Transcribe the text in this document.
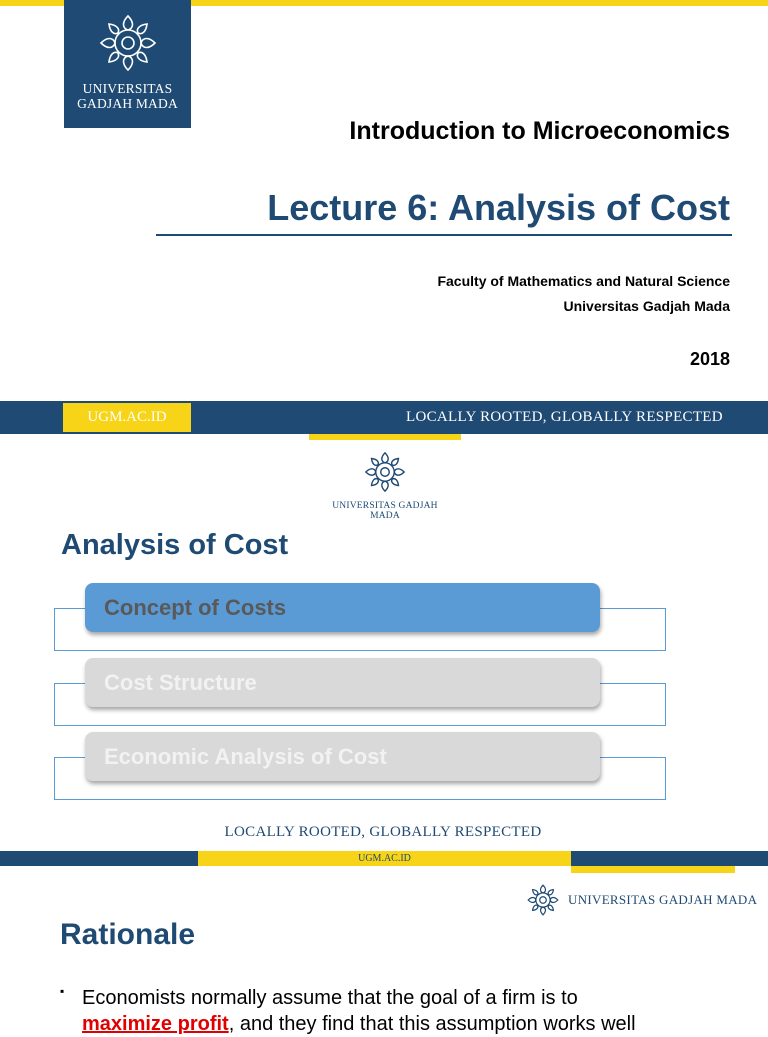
UNIVERSITAS
GADJAH MADA
Introduction to Microeconomics
Lecture 6: Analysis of Cost
Faculty of Mathematics and Natural Science
Universitas Gadjah Mada
2018
UGM.AC.ID	LOCALLY ROOTED, GLOBALLY RESPECTED
UNIVERSITAS GADJAH MADA
Analysis of Cost
Concept of Costs
Cost Structure
Economic Analysis of Cost
LOCALLY ROOTED, GLOBALLY RESPECTED
UGM.AC.ID
UNIVERSITAS GADJAH MADA
Rationale
▪ Economists normally assume that the goal of a firm is to
maximize profit, and they find that this assumption works well
